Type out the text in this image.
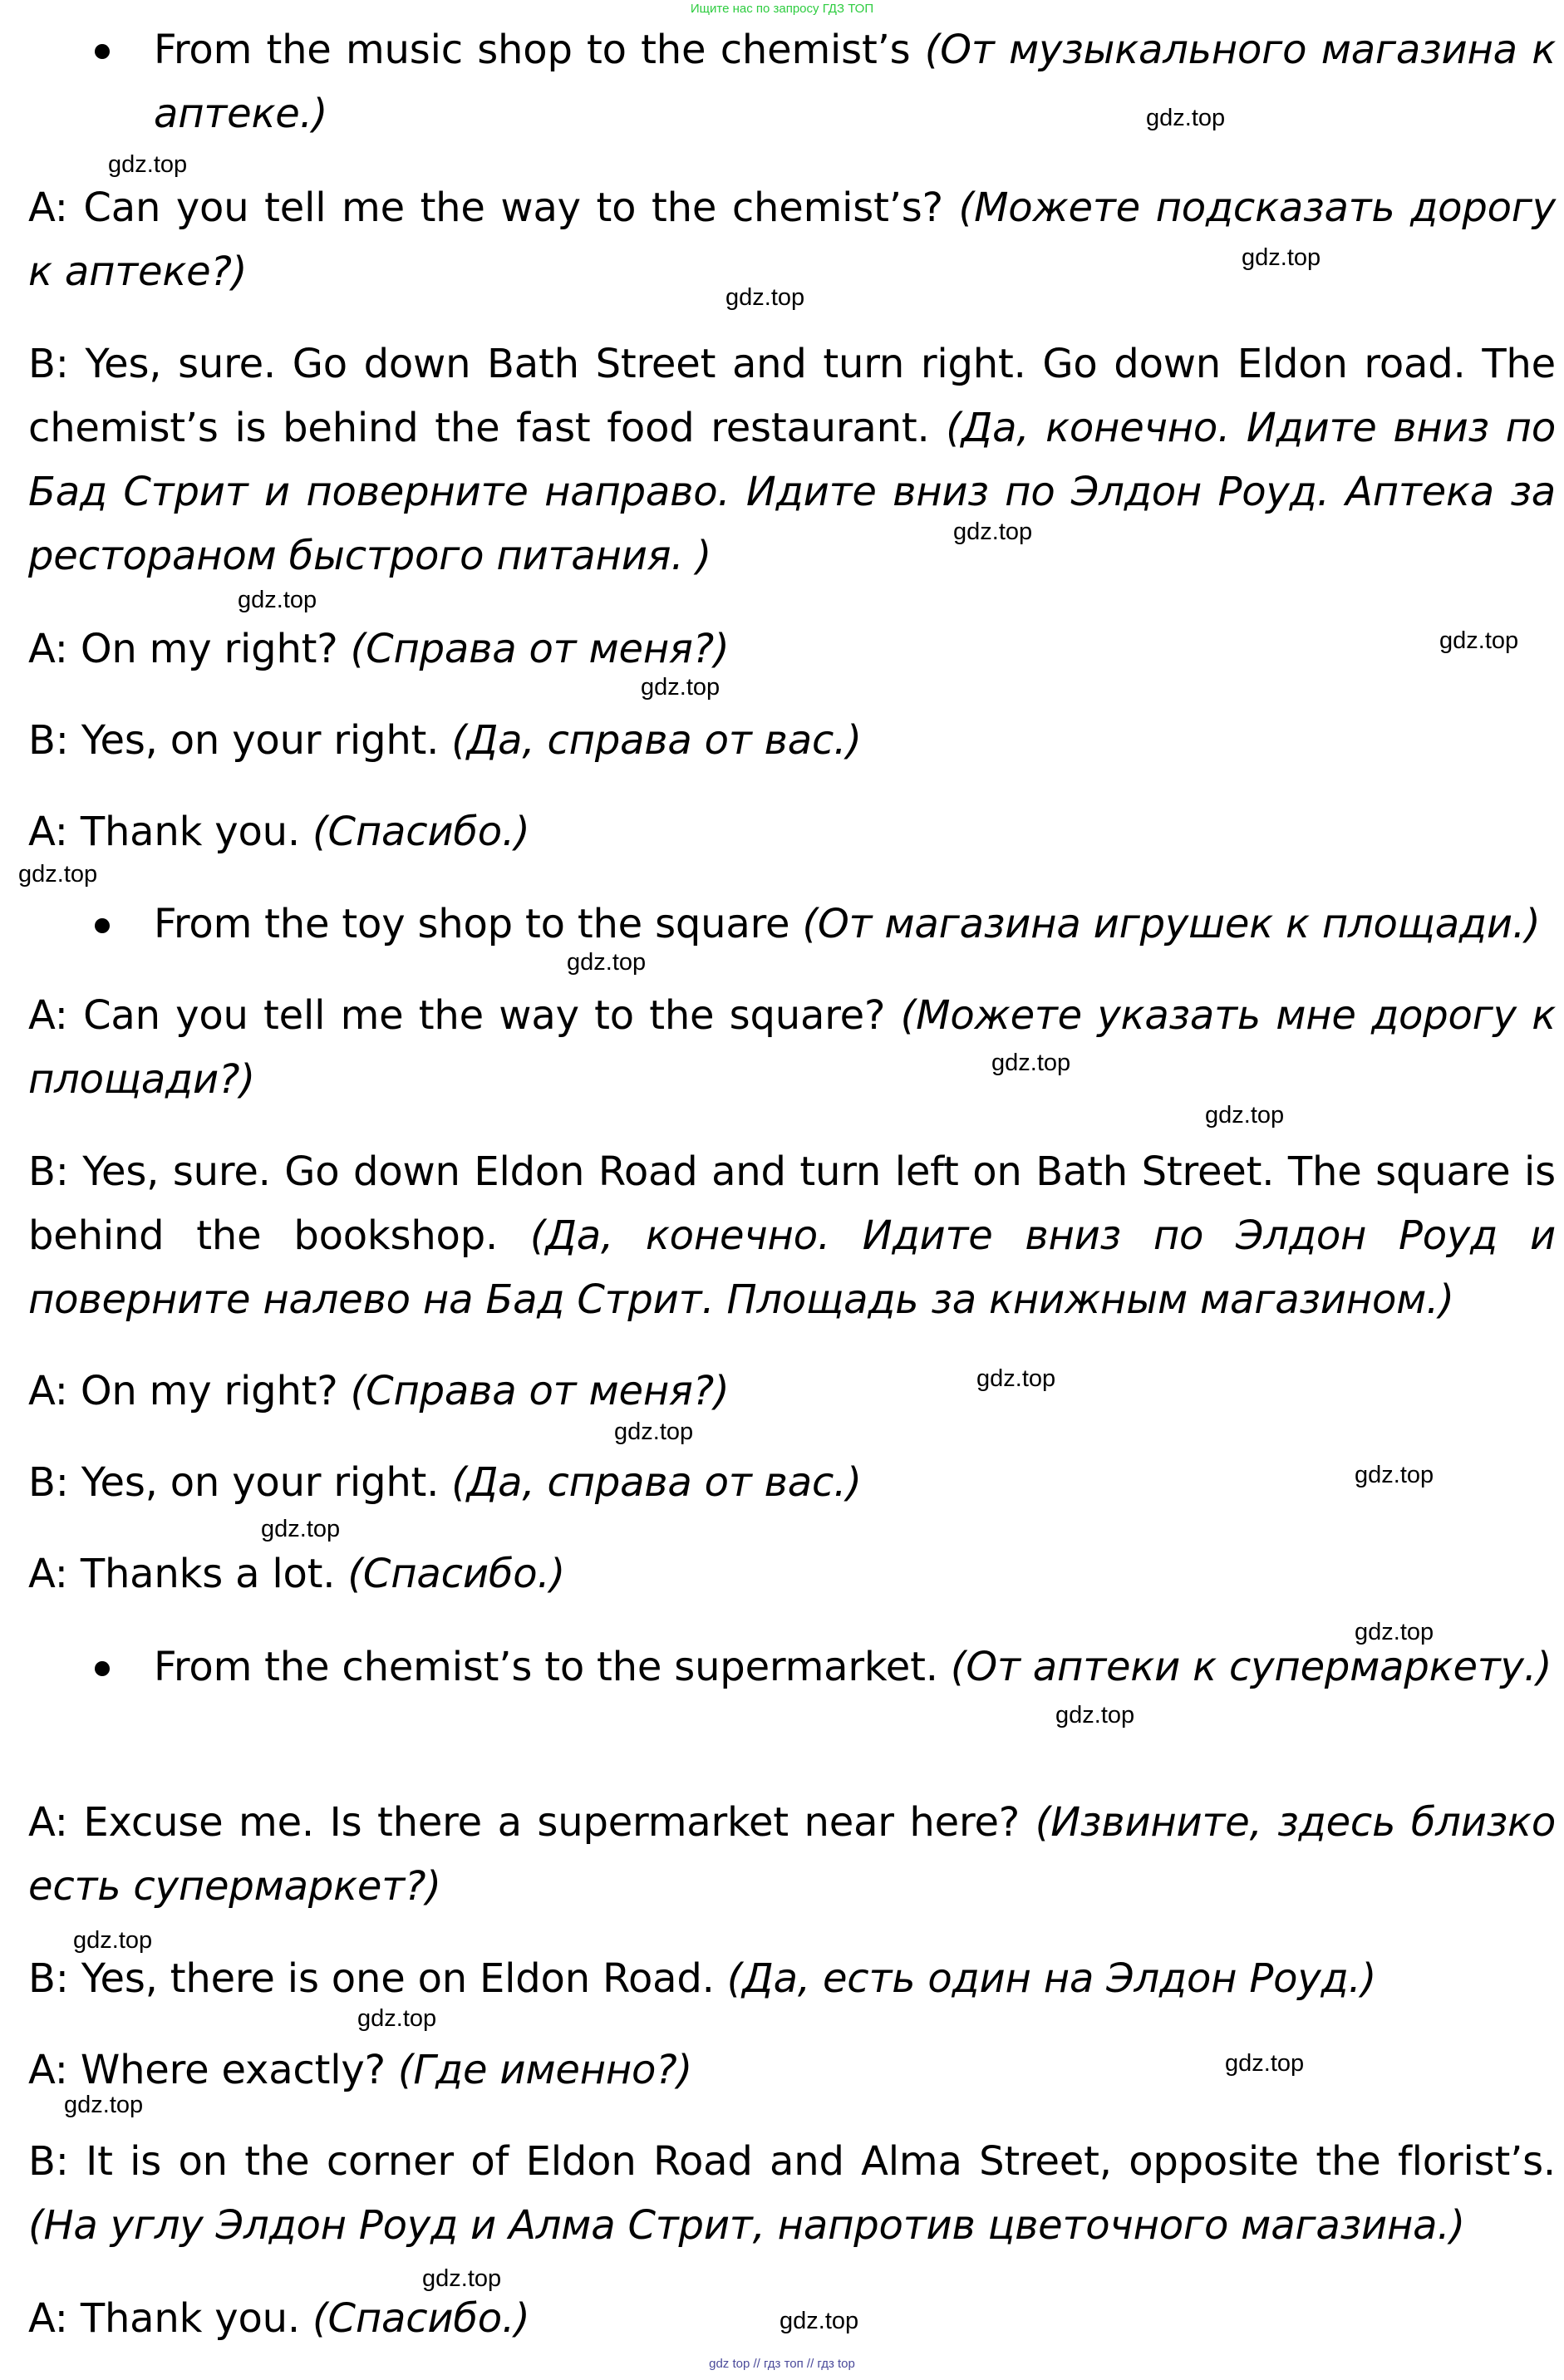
Ищите нас по запросу ГДЗ ТОП

From the music shop to the chemist’s (От музыкального магазина к аптеке.)

A: Can you tell me the way to the chemist’s? (Можете подсказать дорогу к аптеке?)

B: Yes, sure. Go down Bath Street and turn right. Go down Eldon road. The chemist’s is behind the fast food restaurant. (Да, конечно. Идите вниз по Бад Стрит и поверните направо. Идите вниз по Элдон Роуд. Аптека за рестораном быстрого питания. )

A: On my right? (Справа от меня?)

B: Yes, on your right. (Да, справа от вас.)

A: Thank you. (Спасибо.)

From the toy shop to the square (От магазина игрушек к площади.)

A: Can you tell me the way to the square? (Можете указать мне дорогу к площади?)

B: Yes, sure. Go down Eldon Road and turn left on Bath Street. The square is behind the bookshop. (Да, конечно. Идите вниз по Элдон Роуд и поверните налево на Бад Стрит. Площадь за книжным магазином.)

A: On my right? (Справа от меня?)

B: Yes, on your right. (Да, справа от вас.)

A: Thanks a lot. (Спасибо.)

From the chemist’s to the supermarket. (От аптеки к супермаркету.)

A: Excuse me. Is there a supermarket near here? (Извините, здесь близко есть супермаркет?)

B: Yes, there is one on Eldon Road. (Да, есть один на Элдон Роуд.)

A: Where exactly? (Где именно?)

B: It is on the corner of Eldon Road and Alma Street, opposite the florist’s. (На углу Элдон Роуд и Алма Стрит, напротив цветочного магазина.)

A: Thank you. (Спасибо.)

gdz.top
gdz.top
gdz.top
gdz.top
gdz.top
gdz.top
gdz.top
gdz.top
gdz.top
gdz.top
gdz.top
gdz.top
gdz.top
gdz.top
gdz.top
gdz.top
gdz.top
gdz.top
gdz.top
gdz.top
gdz.top
gdz.top
gdz.top
gdz.top
gdz top // гдз топ // гдз top
